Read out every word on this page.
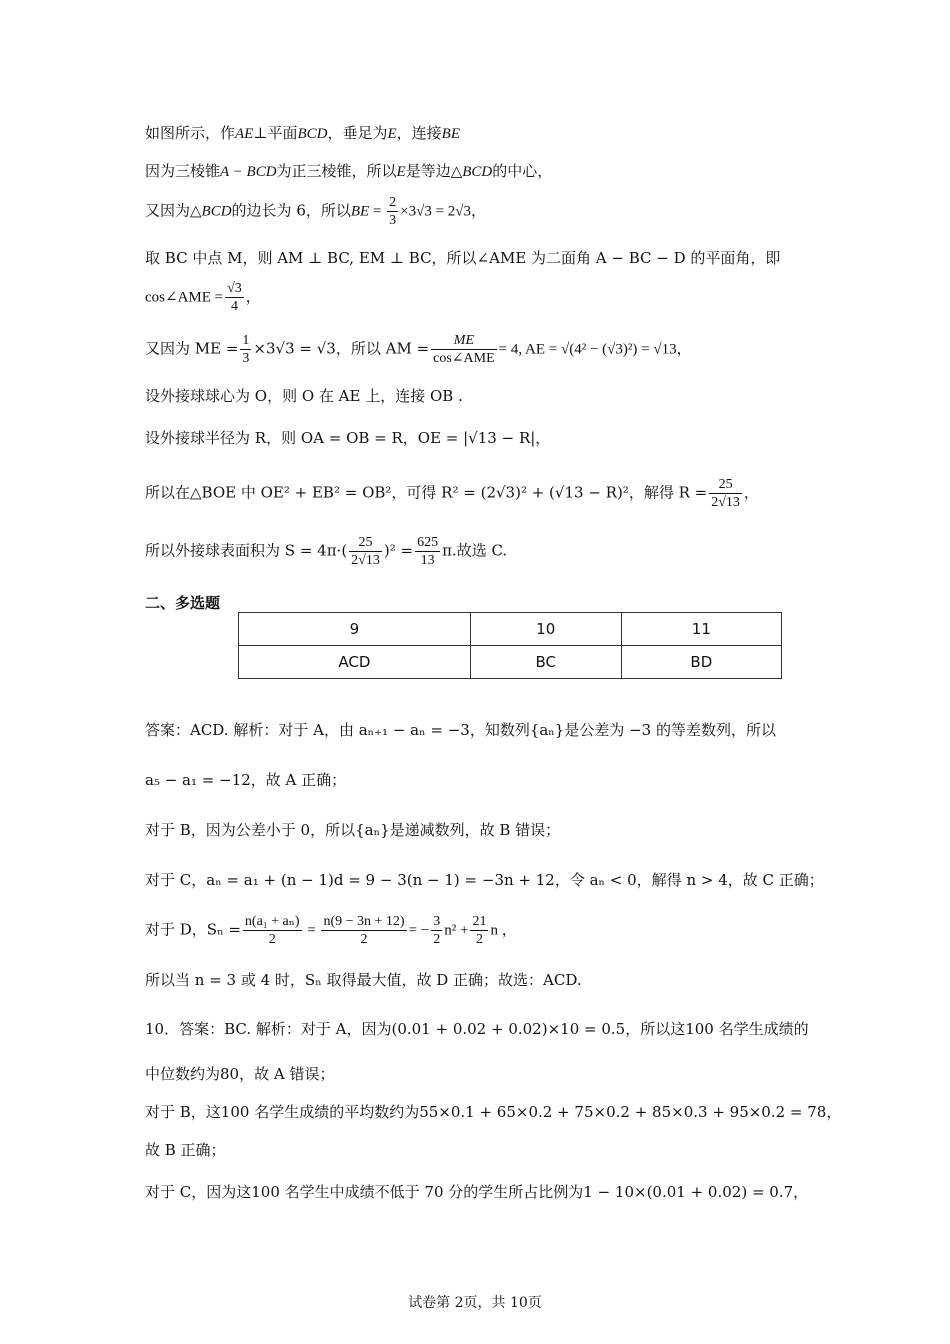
如图所示，作AE⊥平面BCD，垂足为E，连接BE
因为三棱锥A − BCD为正三棱锥，所以E是等边△BCD的中心，
又因为△BCD的边长为 6，所以BE = $\frac{2}{3} \times 3√3 = 2√3$，
取 BC 中点 M，则 AM ⊥ BC, EM ⊥ BC，所以∠AME 为二面角 A − BC − D 的平面角，即
cos∠AME = $\frac{√3}{4}$ ，
又因为 ME = $\frac{1}{3} \times 3√3 = √3$，所以 AM = $\frac{ME}{\text{cos∠AME}} = 4$, AE = √(4² − (√3)²) = √13，
设外接球球心为 O，则 O 在 AE 上，连接 OB .
设外接球半径为 R，则 OA = OB = R，OE = |√13 − R|，
所以在△BOE 中 OE² + EB² = OB²，可得 R² = (2√3)² + (√13 − R)²，解得 $R = \frac{25}{2√13}$ ，
所以外接球表面积为 $S = 4\pi\cdot( \frac{25}{2√13} )^2 = \frac{625}{13} \pi$.故选 C.
二、多选题
9	10	11
ACD	BC	BD
答案：ACD. 解析：对于 A，由 aₙ₊₁ − aₙ = −3，知数列{aₙ}是公差为 −3 的等差数列，所以
a₅ − a₁ = −12，故 A 正确；
对于 B，因为公差小于 0，所以{aₙ}是递减数列，故 B 错误；
对于 C，aₙ = a₁ + (n − 1)d = 9 − 3(n − 1) = −3n + 12，令 aₙ < 0，解得 n > 4，故 C 正确；
对于 D，$S_n = \frac{\text{n(a₁ + aₙ)}}{2} = \frac{n(9 - 3n + 12)}{2}$ = − $\frac{3}{2} n^2 + \frac{21}{2}$ n ，
所以当 n = 3 或 4 时，Sₙ 取得最大值，故 D 正确；故选：ACD.
10．答案：BC. 解析：对于 A，因为(0.01 + 0.02 + 0.02)×10 = 0.5，所以这100 名学生成绩的
中位数约为80，故 A 错误；
对于 B，这100 名学生成绩的平均数约为55×0.1 + 65×0.2 + 75×0.2 + 85×0.3 + 95×0.2 = 78，
故 B 正确；
对于 C，因为这100 名学生中成绩不低于 70 分的学生所占比例为1 − 10×(0.01 + 0.02) = 0.7，
试卷第 2页，共 10页
